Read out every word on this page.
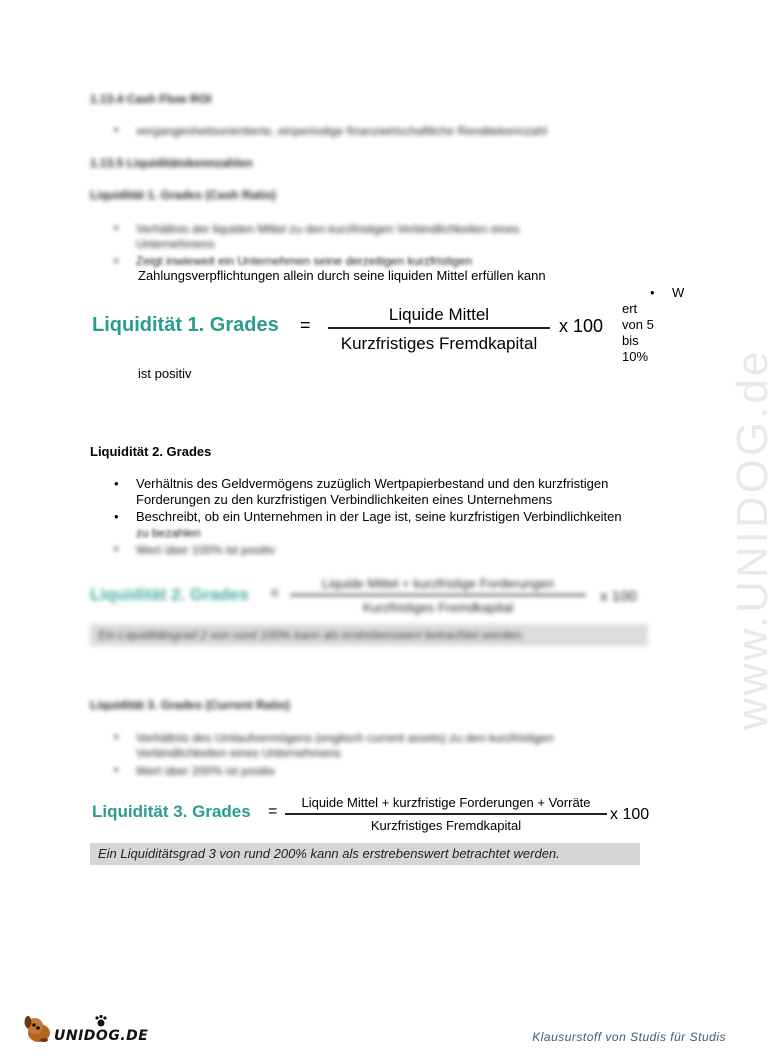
www.UNIDOG.de
1.13.4 Cash Flow ROI
• vergangenheitsorientierte, einperiodige finanzwirtschaftliche Renditekennzahl
1.13.5 Liquiditätskennzahlen
Liquidität 1. Grades (Cash Ratio)
• Verhältnis der liquiden Mittel zu den kurzfristigen Verbindlichkeiten eines
Unternehmens
• Zeigt inwieweit ein Unternehmen seine derzeitigen kurzfristigen
Zahlungsverpflichtungen allein durch seine liquiden Mittel erfüllen kann
• W
ert
von 5
bis
10%
Liquidität 1. Grades =
Liquide Mittel
Kurzfristiges Fremdkapital
x 100
ist positiv
Liquidität 2. Grades
• Verhältnis des Geldvermögens zuzüglich Wertpapierbestand und den kurzfristigen
Forderungen zu den kurzfristigen Verbindlichkeiten eines Unternehmens
• Beschreibt, ob ein Unternehmen in der Lage ist, seine kurzfristigen Verbindlichkeiten
zu bezahlen
• Wert über 100% ist positiv
Liquidität 2. Grades =
Liquide Mittel + kurzfristige Forderungen
Kurzfristiges Fremdkapital
x 100
Ein Liquiditätsgrad 2 von rund 100% kann als erstrebenswert betrachtet werden.
Liquidität 3. Grades (Current Ratio)
• Verhältnis des Umlaufvermögens (englisch current assets) zu den kurzfristigen
Verbindlichkeiten eines Unternehmens
• Wert über 200% ist positiv
Liquidität 3. Grades =
Liquide Mittel + kurzfristige Forderungen + Vorräte
Kurzfristiges Fremdkapital
x 100
Ein Liquiditätsgrad 3 von rund 200% kann als erstrebenswert betrachtet werden.
UNIDOG.DE	Klausurstoff von Studis für Studis
